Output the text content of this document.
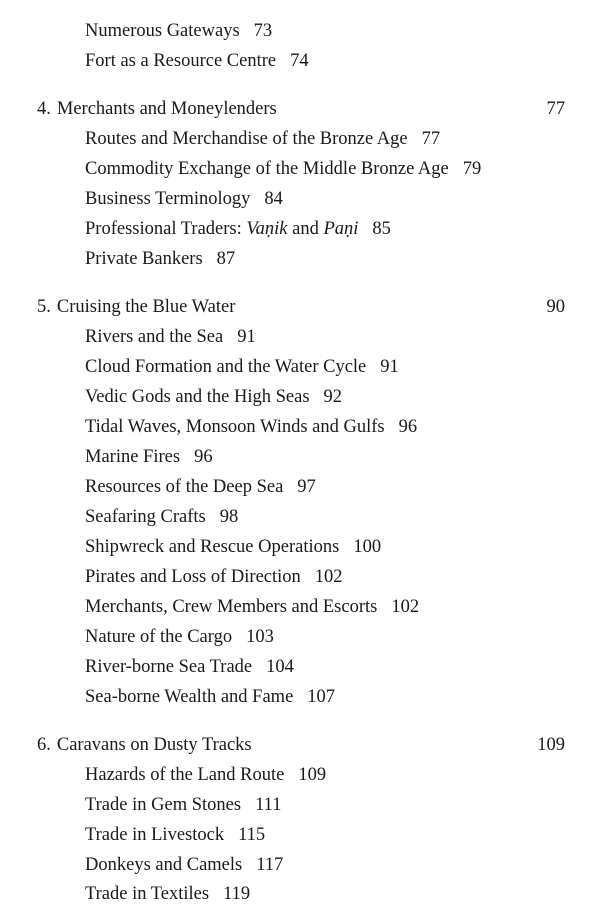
Numerous Gateways 73
Fort as a Resource Centre 74
4. Merchants and Moneylenders	77
Routes and Merchandise of the Bronze Age 77
Commodity Exchange of the Middle Bronze Age 79
Business Terminology 84
Professional Traders: Vaṇik and Paṇi 85
Private Bankers 87
5. Cruising the Blue Water	90
Rivers and the Sea 91
Cloud Formation and the Water Cycle 91
Vedic Gods and the High Seas 92
Tidal Waves, Monsoon Winds and Gulfs 96
Marine Fires 96
Resources of the Deep Sea 97
Seafaring Crafts 98
Shipwreck and Rescue Operations 100
Pirates and Loss of Direction 102
Merchants, Crew Members and Escorts 102
Nature of the Cargo 103
River-borne Sea Trade 104
Sea-borne Wealth and Fame 107
6. Caravans on Dusty Tracks	109
Hazards of the Land Route 109
Trade in Gem Stones 111
Trade in Livestock 115
Donkeys and Camels 117
Trade in Textiles 119
